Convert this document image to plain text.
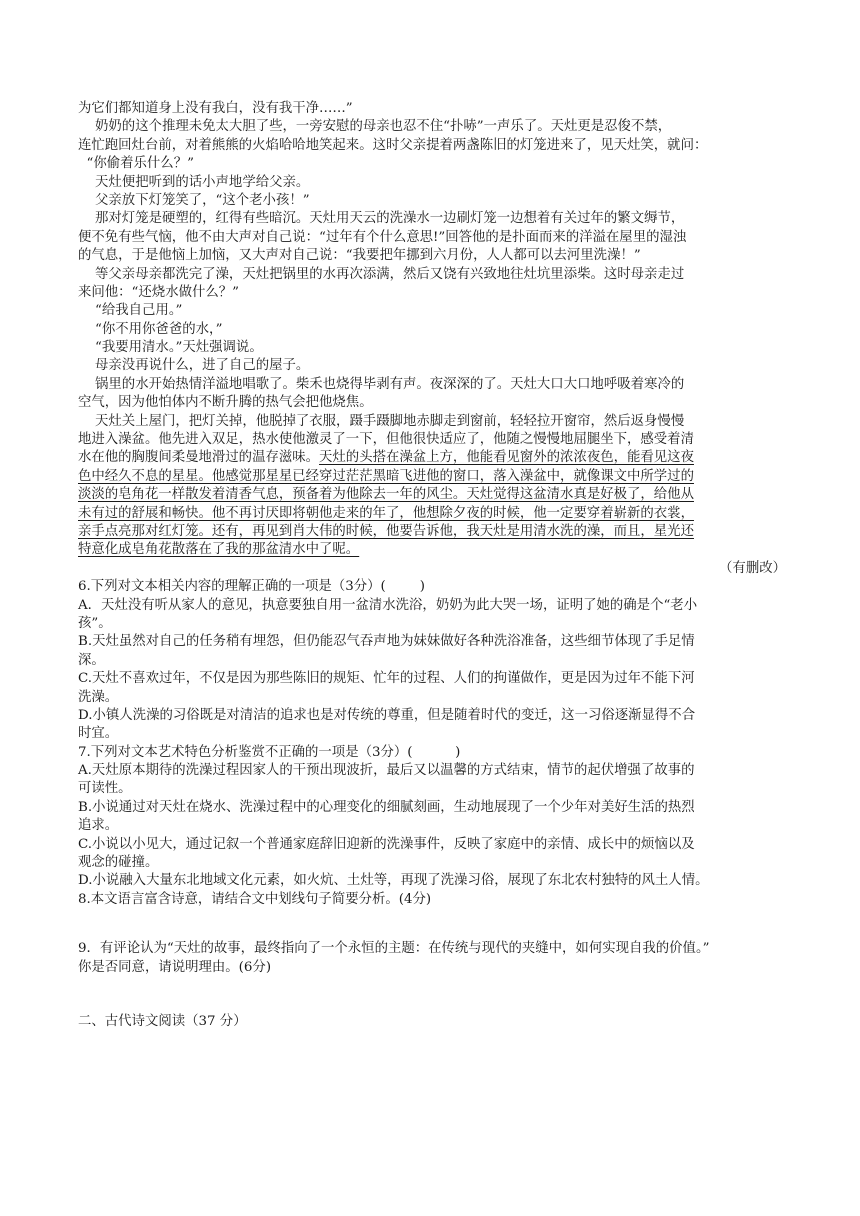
为它们都知道身上没有我白，没有我干净……”
奶奶的这个推理未免太大胆了些，一旁安慰的母亲也忍不住“扑哧”一声乐了。天灶更是忍俊不禁，
连忙跑回灶台前，对着熊熊的火焰哈哈地笑起来。这时父亲提着两盏陈旧的灯笼进来了，见天灶笑，就问：
“你偷着乐什么？”
天灶便把听到的话小声地学给父亲。
父亲放下灯笼笑了，“这个老小孩！”
那对灯笼是硬塑的，红得有些暗沉。天灶用天云的洗澡水一边刷灯笼一边想着有关过年的繁文缛节，
便不免有些气恼，他不由大声对自己说：“过年有个什么意思!”回答他的是扑面而来的洋溢在屋里的湿浊
的气息，于是他恼上加恼，又大声对自己说：“我要把年挪到六月份，人人都可以去河里洗澡！”
等父亲母亲都洗完了澡，天灶把锅里的水再次添满，然后又饶有兴致地往灶坑里添柴。这时母亲走过
来问他：“还烧水做什么？”
“给我自己用。”
“你不用你爸爸的水，”
“我要用清水。”天灶强调说。
母亲没再说什么，进了自己的屋子。
锅里的水开始热情洋溢地唱歌了。柴禾也烧得毕剥有声。夜深深的了。天灶大口大口地呼吸着寒冷的
空气，因为他怕体内不断升腾的热气会把他烧焦。
天灶关上屋门，把灯关掉，他脱掉了衣服，蹑手蹑脚地赤脚走到窗前，轻轻拉开窗帘，然后返身慢慢
地进入澡盆。他先进入双足，热水使他激灵了一下，但他很快适应了，他随之慢慢地屈腿坐下，感受着清
水在他的胸腹间柔曼地滑过的温存滋味。天灶的头搭在澡盆上方，他能看见窗外的浓浓夜色，能看见这夜
色中经久不息的星星。他感觉那星星已经穿过茫茫黑暗飞进他的窗口，落入澡盆中，就像课文中所学过的
淡淡的皂角花一样散发着清香气息，预备着为他除去一年的风尘。天灶觉得这盆清水真是好极了，给他从
未有过的舒展和畅快。他不再讨厌即将朝他走来的年了，他想除夕夜的时候，他一定要穿着崭新的衣裳，
亲手点亮那对红灯笼。还有，再见到肖大伟的时候，他要告诉他，我天灶是用清水洗的澡，而且，星光还
特意化成皂角花散落在了我的那盆清水中了呢。
（有删改）
6.下列对文本相关内容的理解正确的一项是（3分）(        )
A．天灶没有听从家人的意见，执意要独自用一盆清水洗浴，奶奶为此大哭一场，证明了她的确是个“老小
孩”。
B.天灶虽然对自己的任务稍有埋怨，但仍能忍气吞声地为妹妹做好各种洗浴准备，这些细节体现了手足情
深。
C.天灶不喜欢过年，不仅是因为那些陈旧的规矩、忙年的过程、人们的拘谨做作，更是因为过年不能下河
洗澡。
D.小镇人洗澡的习俗既是对清洁的追求也是对传统的尊重，但是随着时代的变迁，这一习俗逐渐显得不合
时宜。
7.下列对文本艺术特色分析鉴赏不正确的一项是（3分）(          )
A.天灶原本期待的洗澡过程因家人的干预出现波折，最后又以温馨的方式结束，情节的起伏增强了故事的
可读性。
B.小说通过对天灶在烧水、洗澡过程中的心理变化的细腻刻画，生动地展现了一个少年对美好生活的热烈
追求。
C.小说以小见大，通过记叙一个普通家庭辞旧迎新的洗澡事件，反映了家庭中的亲情、成长中的烦恼以及
观念的碰撞。
D.小说融入大量东北地域文化元素，如火炕、土灶等，再现了洗澡习俗，展现了东北农村独特的风土人情。
8.本文语言富含诗意，请结合文中划线句子简要分析。(4分)
9．有评论认为“天灶的故事，最终指向了一个永恒的主题：在传统与现代的夹缝中，如何实现自我的价值。”
你是否同意，请说明理由。(6分)
二、古代诗文阅读（37 分）
